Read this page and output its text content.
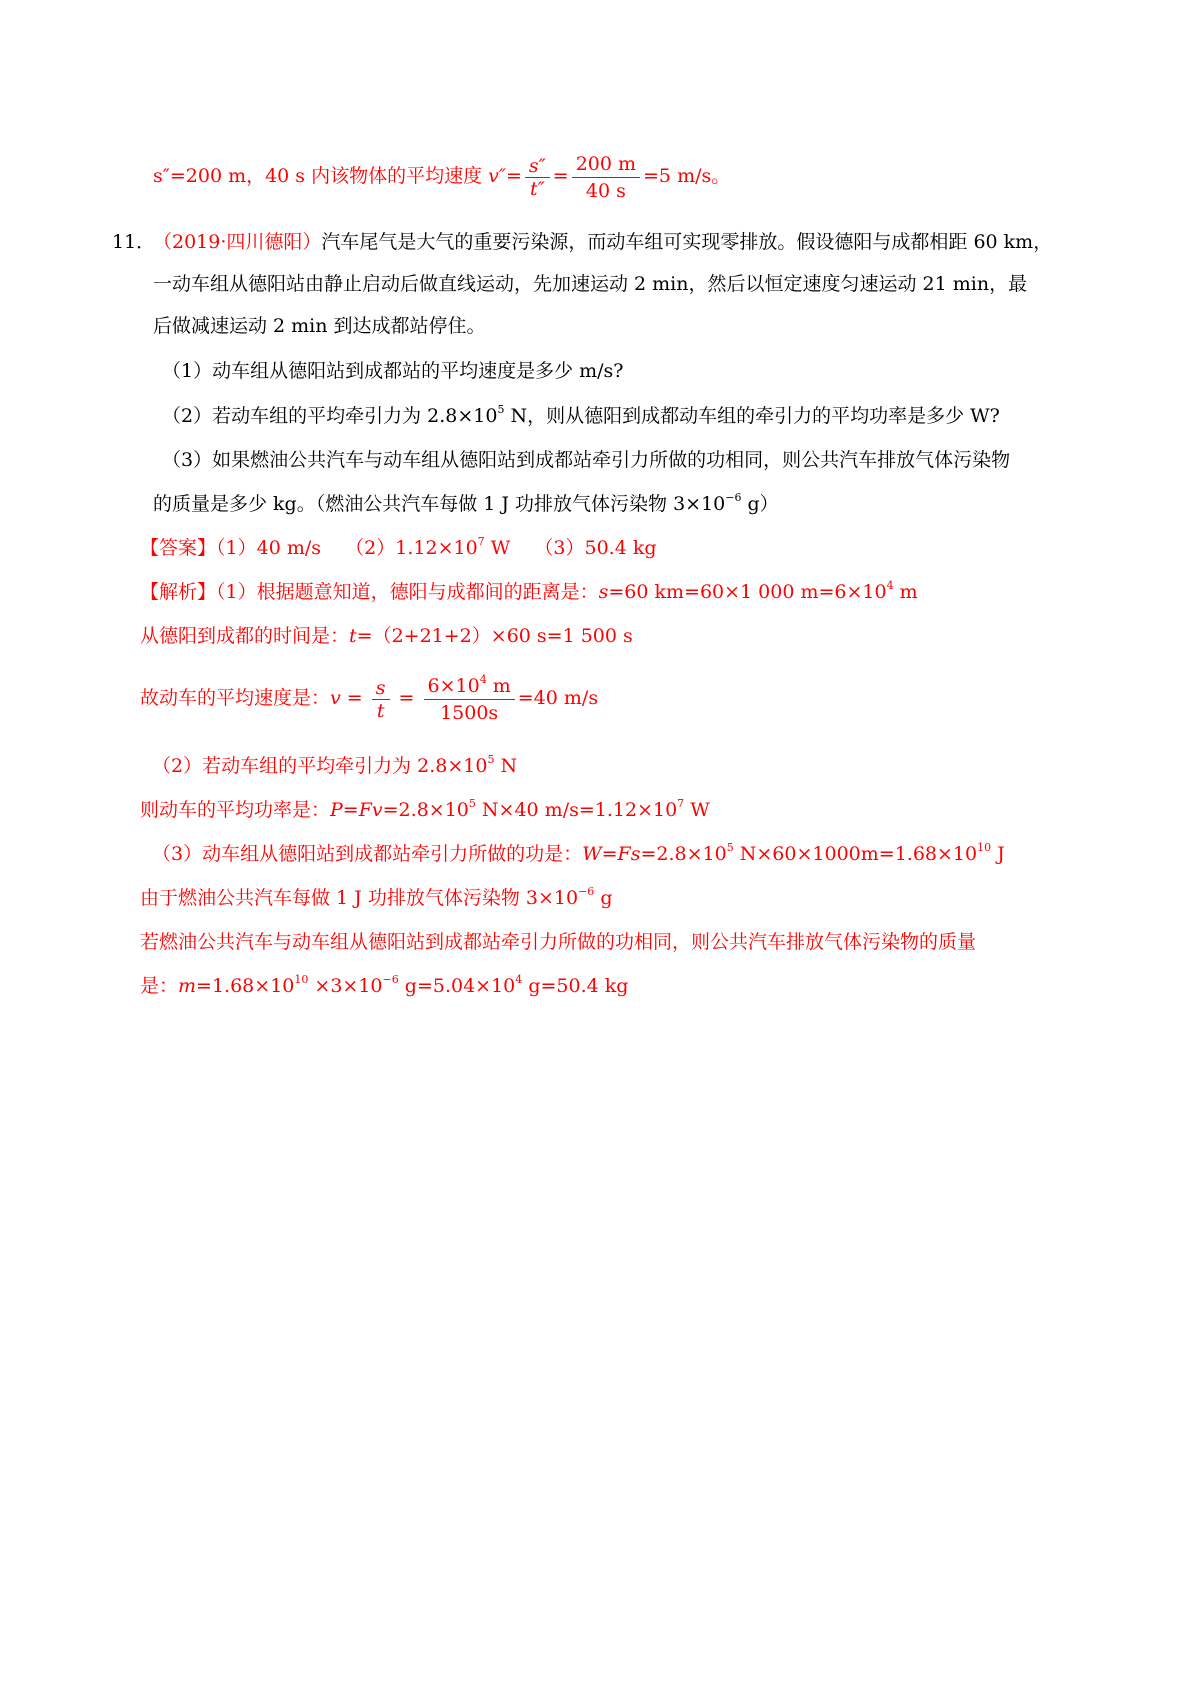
s″=200 m，40 s 内该物体的平均速度 $v''= \frac{s''}{t''} = \frac{200 m}{40 s} =5$ m/s。
11．
（2019·四川德阳）汽车尾气是大气的重要污染源，而动车组可实现零排放。假设德阳与成都相距 60 km，
一动车组从德阳站由静止启动后做直线运动，先加速运动 2 min，然后以恒定速度匀速运动 21 min，最
后做减速运动 2 min 到达成都站停住。
（1）动车组从德阳站到成都站的平均速度是多少 m/s?
（2）若动车组的平均牵引力为 $2.8\times 10^5$ N，则从德阳到成都动车组的牵引力的平均功率是多少 W?
（3）如果燃油公共汽车与动车组从德阳站到成都站牵引力所做的功相同，则公共汽车排放气体污染物
的质量是多少 kg。（燃油公共汽车每做 1 J 功排放气体污染物 $3\times 10^{-6}$ g）
【答案】（1）40 m/s $(2)1.12\times 10^7$ W （3）50.4 kg
【解析】（1）根据题意知道，德阳与成都间的距离是：s=60 km=60×1 000 $m=6\times 10^4$ m
从德阳到成都的时间是：t=（2+21+2）×60 s=1 500 s
故动车的平均速度是：$v = \frac{s}{t} = \frac{6\times 10^4 m}{1500s} =40$ m/s
（2）若动车组的平均牵引力为 $2.8\times 10^5$ N
则动车的平均功率是：$P=Fv=2.8\times 10^5$ N×40 $m/s=1.12\times 10^7$ W
（3）动车组从德阳站到成都站牵引力所做的功是：$W=Fs=2.8\times 10^5$ $N\times 60\times 1000m=1.68\times 10^{10}$ J
由于燃油公共汽车每做 1 J 功排放气体污染物 $3\times 10^{-6}$ g
若燃油公共汽车与动车组从德阳站到成都站牵引力所做的功相同，则公共汽车排放气体污染物的质量
是：$m=1.68\times 10^{10} \times 3\times 10^{-6}$ $g=5.04\times 10^4$ g=50.4 kg
